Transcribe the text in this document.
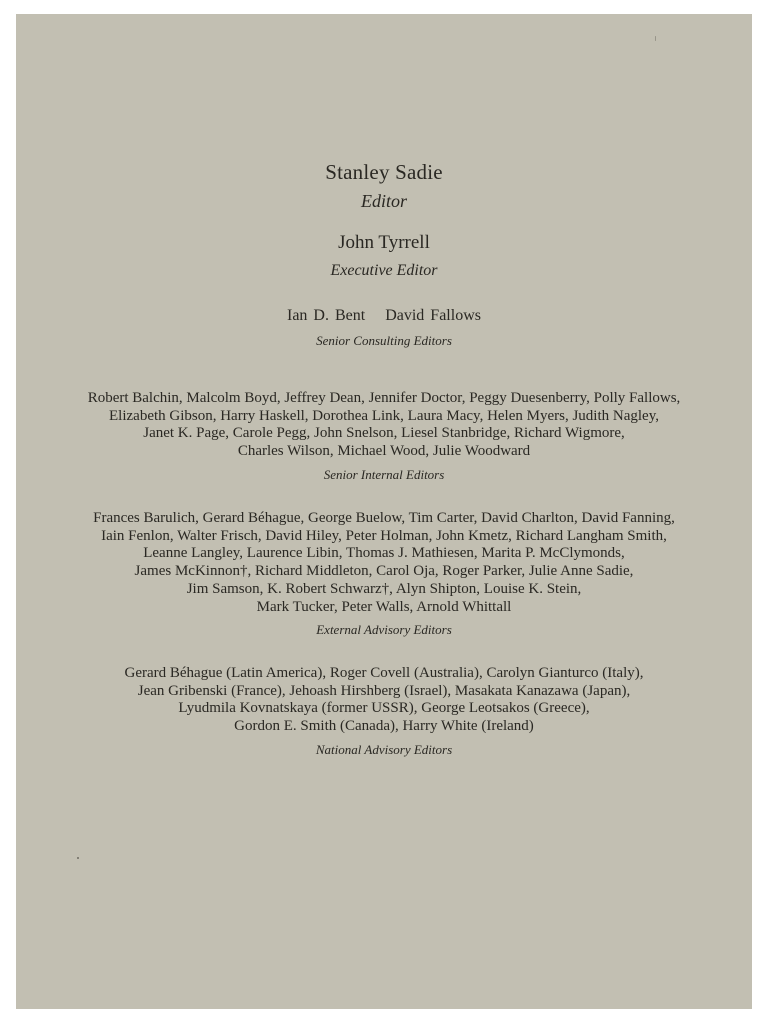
Stanley Sadie
Editor
John Tyrrell
Executive Editor
Ian D. Bent David Fallows
Senior Consulting Editors
Robert Balchin, Malcolm Boyd, Jeffrey Dean, Jennifer Doctor, Peggy Duesenberry, Polly Fallows,
Elizabeth Gibson, Harry Haskell, Dorothea Link, Laura Macy, Helen Myers, Judith Nagley,
Janet K. Page, Carole Pegg, John Snelson, Liesel Stanbridge, Richard Wigmore,
Charles Wilson, Michael Wood, Julie Woodward
Senior Internal Editors
Frances Barulich, Gerard Béhague, George Buelow, Tim Carter, David Charlton, David Fanning,
Iain Fenlon, Walter Frisch, David Hiley, Peter Holman, John Kmetz, Richard Langham Smith,
Leanne Langley, Laurence Libin, Thomas J. Mathiesen, Marita P. McClymonds,
James McKinnon†, Richard Middleton, Carol Oja, Roger Parker, Julie Anne Sadie,
Jim Samson, K. Robert Schwarz†, Alyn Shipton, Louise K. Stein,
Mark Tucker, Peter Walls, Arnold Whittall
External Advisory Editors
Gerard Béhague (Latin America), Roger Covell (Australia), Carolyn Gianturco (Italy),
Jean Gribenski (France), Jehoash Hirshberg (Israel), Masakata Kanazawa (Japan),
Lyudmila Kovnatskaya (former USSR), George Leotsakos (Greece),
Gordon E. Smith (Canada), Harry White (Ireland)
National Advisory Editors
